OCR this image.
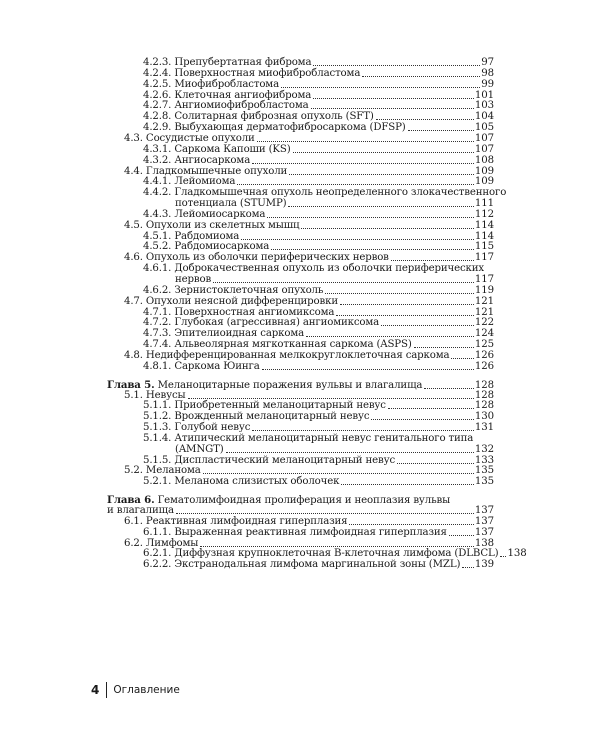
4.2.3. Препубертатная фиброма	97
4.2.4. Поверхностная миофибробластома	98
4.2.5. Миофибробластома	99
4.2.6. Клеточная ангиофиброма	101
4.2.7. Ангиомиофибробластома	103
4.2.8. Солитарная фиброзная опухоль (SFT)	104
4.2.9. Выбухающая дерматофибросаркома (DFSP)	105
4.3. Сосудистые опухоли	107
4.3.1. Саркома Капоши (KS)	107
4.3.2. Ангиосаркома	108
4.4. Гладкомышечные опухоли	109
4.4.1. Лейомиома	109
4.4.2. Гладкомышечная опухоль неопределенного злокачественного
потенциала (STUMP)	111
4.4.3. Лейомиосаркома	112
4.5. Опухоли из скелетных мышц	114
4.5.1. Рабдомиома	114
4.5.2. Рабдомиосаркома	115
4.6. Опухоль из оболочки периферических нервов	117
4.6.1. Доброкачественная опухоль из оболочки периферических
нервов	117
4.6.2. Зернистоклеточная опухоль	119
4.7. Опухоли неясной дифференцировки	121
4.7.1. Поверхностная ангиомиксома	121
4.7.2. Глубокая (агрессивная) ангиомиксома	122
4.7.3. Эпителиоидная саркома	124
4.7.4. Альвеолярная мягкотканная саркома (ASPS)	125
4.8. Недифференцированная мелкокруглоклеточная саркома 126
4.8.1. Саркома Юинга	126
Глава 5. Меланоцитарные поражения вульвы и влагалища	128
5.1. Невусы	128
5.1.1. Приобретенный меланоцитарный невус	128
5.1.2. Врожденный меланоцитарный невус	130
5.1.3. Голубой невус	131
5.1.4. Атипический меланоцитарный невус генитального типа
(AMNGT)	132
5.1.5. Диспластический меланоцитарный невус	133
5.2. Меланома	135
5.2.1. Меланома слизистых оболочек	135
Глава 6. Гематолимфоидная пролиферация и неоплазия вульвы
и влагалища	137
6.1. Реактивная лимфоидная гиперплазия	137
6.1.1. Выраженная реактивная лимфоидная гиперплазия	137
6.2. Лимфомы	138
6.2.1. Диффузная крупноклеточная В-клеточная лимфома (DLBCL) 138
6.2.2. Экстранодальная лимфома маргинальной зоны (MZL) 139
4 Оглавление
